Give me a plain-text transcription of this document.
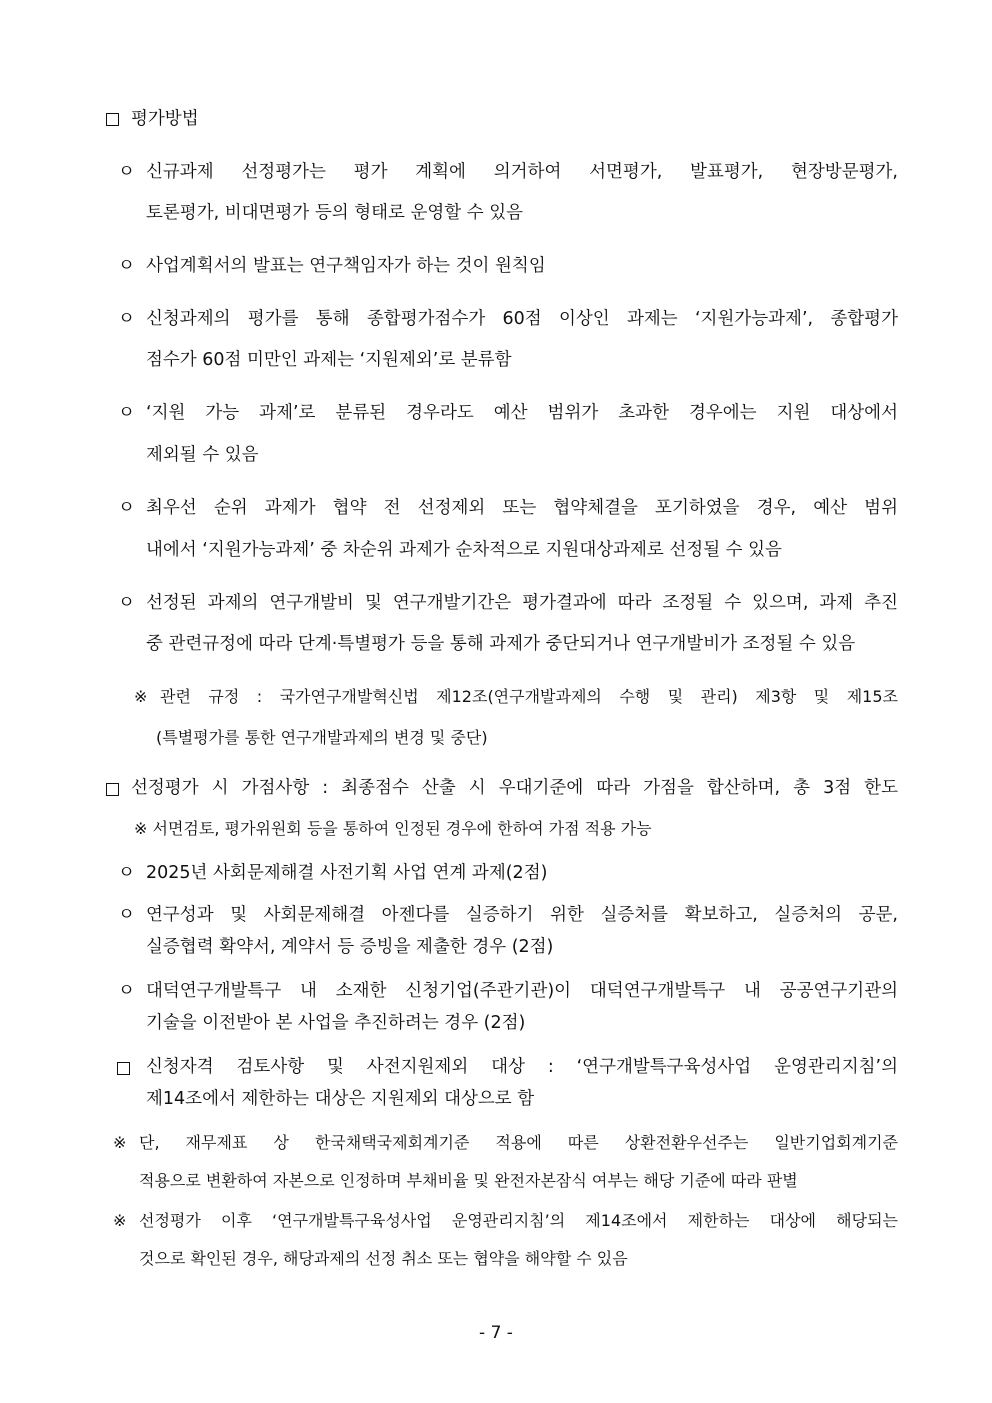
평가방법
ㅇ 신규과제 선정평가는 평가 계획에 의거하여 서면평가, 발표평가, 현장방문평가,
토론평가, 비대면평가 등의 형태로 운영할 수 있음
ㅇ 사업계획서의 발표는 연구책임자가 하는 것이 원칙임
ㅇ 신청과제의 평가를 통해 종합평가점수가 60점 이상인 과제는 ‘지원가능과제’, 종합평가
점수가 60점 미만인 과제는 ‘지원제외’로 분류함
ㅇ ‘지원 가능 과제’로 분류된 경우라도 예산 범위가 초과한 경우에는 지원 대상에서
제외될 수 있음
ㅇ 최우선 순위 과제가 협약 전 선정제외 또는 협약체결을 포기하였을 경우, 예산 범위
내에서 ‘지원가능과제’ 중 차순위 과제가 순차적으로 지원대상과제로 선정될 수 있음
ㅇ 선정된 과제의 연구개발비 및 연구개발기간은 평가결과에 따라 조정될 수 있으며, 과제 추진
중 관련규정에 따라 단계·특별평가 등을 통해 과제가 중단되거나 연구개발비가 조정될 수 있음
※ 관련 규정 : 국가연구개발혁신법 제12조(연구개발과제의 수행 및 관리) 제3항 및 제15조
(특별평가를 통한 연구개발과제의 변경 및 중단)
선정평가 시 가점사항 : 최종점수 산출 시 우대기준에 따라 가점을 합산하며, 총 3점 한도
※ 서면검토, 평가위원회 등을 통하여 인정된 경우에 한하여 가점 적용 가능
ㅇ 2025년 사회문제해결 사전기획 사업 연계 과제(2점)
ㅇ 연구성과 및 사회문제해결 아젠다를 실증하기 위한 실증처를 확보하고, 실증처의 공문,
실증협력 확약서, 계약서 등 증빙을 제출한 경우 (2점)
ㅇ 대덕연구개발특구 내 소재한 신청기업(주관기관)이 대덕연구개발특구 내 공공연구기관의
기술을 이전받아 본 사업을 추진하려는 경우 (2점)
신청자격 검토사항 및 사전지원제외 대상 : ‘연구개발특구육성사업 운영관리지침’의
제14조에서 제한하는 대상은 지원제외 대상으로 함
※ 단, 재무제표 상 한국채택국제회계기준 적용에 따른 상환전환우선주는 일반기업회계기준
적용으로 변환하여 자본으로 인정하며 부채비율 및 완전자본잠식 여부는 해당 기준에 따라 판별
※ 선정평가 이후 ‘연구개발특구육성사업 운영관리지침’의 제14조에서 제한하는 대상에 해당되는
것으로 확인된 경우, 해당과제의 선정 취소 또는 협약을 해약할 수 있음
- 7 -
